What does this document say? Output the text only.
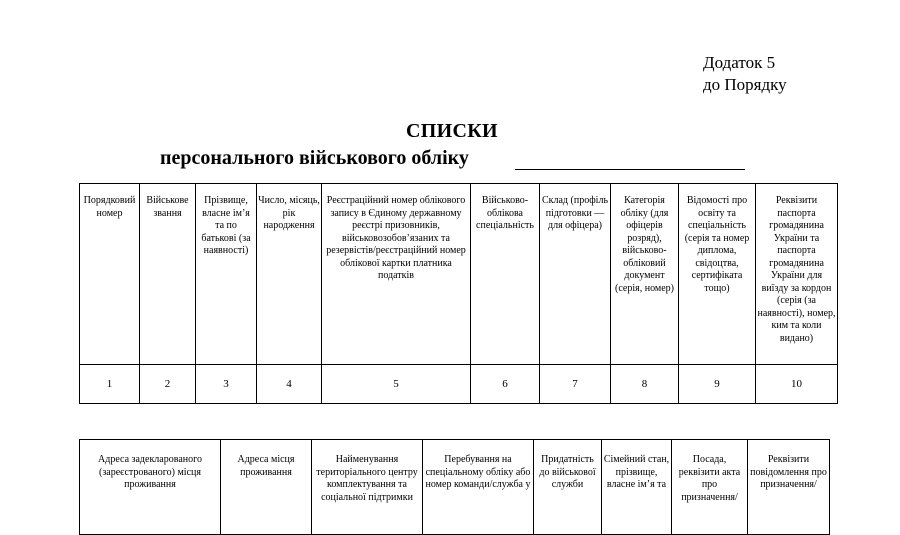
Додаток 5
до Порядку
СПИСКИ
персонального військового обліку
Порядковий номер	Військове звання	Прізвище, власне ім’я та по батькові (за наявності)	Число, місяць, рік народження	Реєстраційний номер облікового запису в Єдиному державному реєстрі призовників, військовозобов’язаних та резервістів/реєстраційний номер облікової картки платника податків	Військово-облікова спеціальність	Склад (профіль підготовки — для офіцера)	Категорія обліку (для офіцерів розряд), військово-обліковий документ (серія, номер)	Відомості про освіту та спеціальність (серія та номер диплома, свідоцтва, сертифіката тощо)	Реквізити паспорта громадянина України та паспорта громадянина України для виїзду за кордон (серія (за наявності), номер, ким та коли видано)
1	2	3	4	5	6	7	8	9	10
Адреса задекларованого (зареєстрованого) місця проживання	Адреса місця проживання	Найменування територіального центру комплектування та соціальної підтримки	Перебування на спеціальному обліку або номер команди/служба у	Придатність до військової служби	Сімейний стан, прізвище, власне ім’я та	Посада, реквізити акта про призначення/	Реквізити повідомлення про призначення/
